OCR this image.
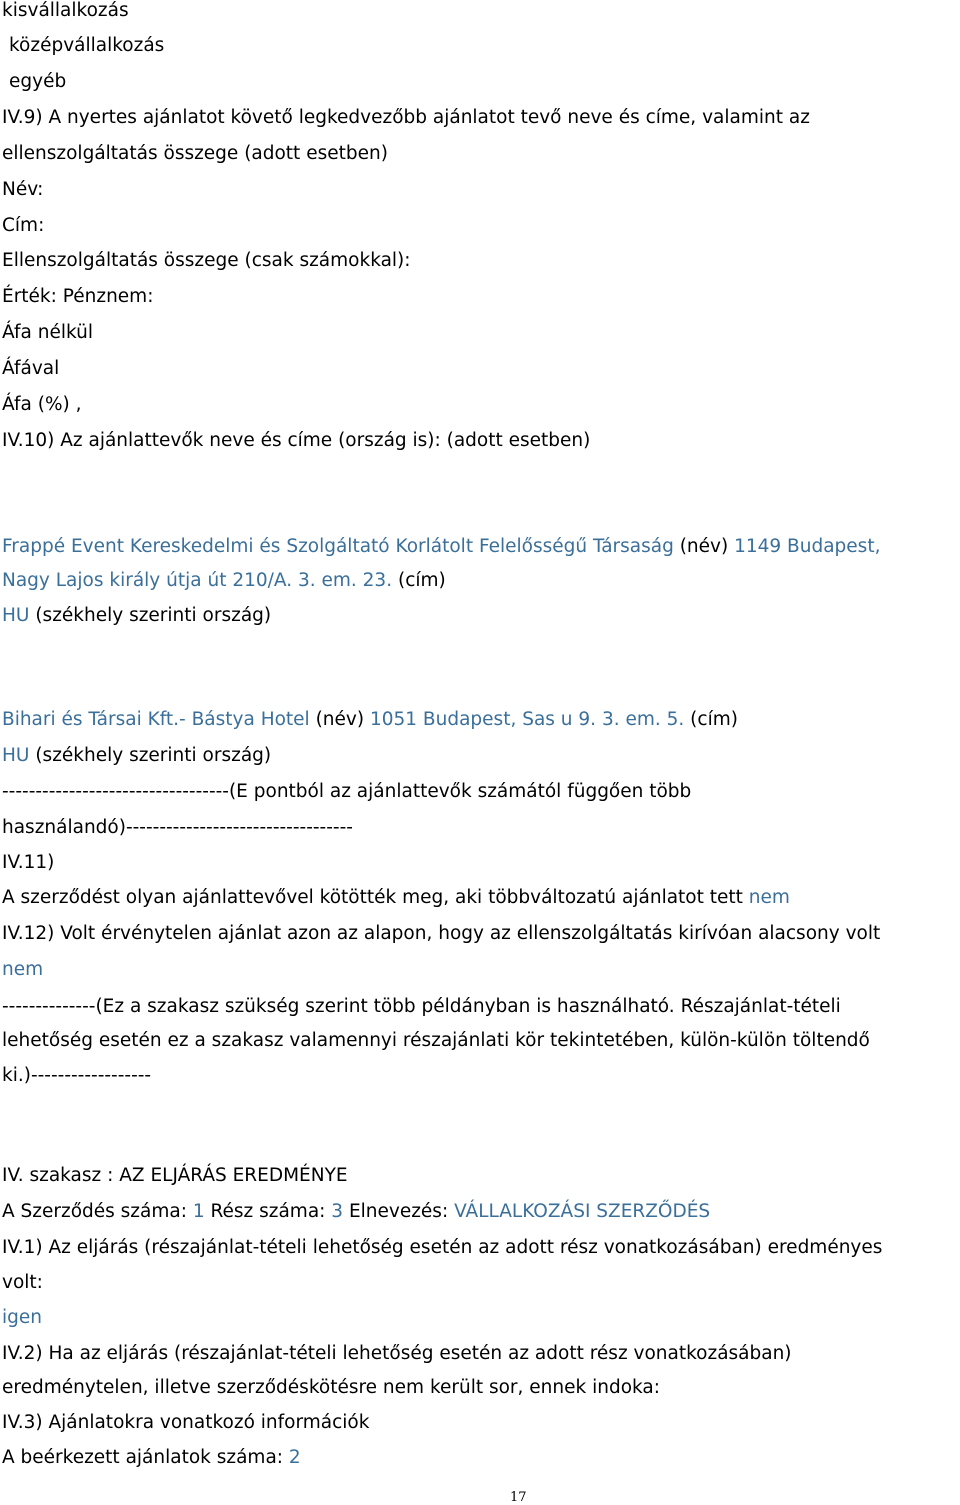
kisvállalkozás
középvállalkozás
egyéb
IV.9) A nyertes ajánlatot követő legkedvezőbb ajánlatot tevő neve és címe, valamint az
ellenszolgáltatás összege (adott esetben)
Név:
Cím:
Ellenszolgáltatás összege (csak számokkal):
Érték: Pénznem:
Áfa nélkül
Áfával
Áfa (%) ,
IV.10) Az ajánlattevők neve és címe (ország is): (adott esetben)
Frappé Event Kereskedelmi és Szolgáltató Korlátolt Felelősségű Társaság (név) 1149 Budapest,
Nagy Lajos király útja út 210/A. 3. em. 23. (cím)
HU (székhely szerinti ország)
Bihari és Társai Kft.- Bástya Hotel (név) 1051 Budapest, Sas u 9. 3. em. 5. (cím)
HU (székhely szerinti ország)
----------------------------------(E pontból az ajánlattevők számától függően több
használandó)----------------------------------
IV.11)
A szerződést olyan ajánlattevővel kötötték meg, aki többváltozatú ajánlatot tett nem
IV.12) Volt érvénytelen ajánlat azon az alapon, hogy az ellenszolgáltatás kirívóan alacsony volt
nem
--------------(Ez a szakasz szükség szerint több példányban is használható. Részajánlat-tételi
lehetőség esetén ez a szakasz valamennyi részajánlati kör tekintetében, külön-külön töltendő
ki.)------------------
IV. szakasz : AZ ELJÁRÁS EREDMÉNYE
A Szerződés száma: 1 Rész száma: 3 Elnevezés: VÁLLALKOZÁSI SZERZŐDÉS
IV.1) Az eljárás (részajánlat-tételi lehetőség esetén az adott rész vonatkozásában) eredményes
volt:
igen
IV.2) Ha az eljárás (részajánlat-tételi lehetőség esetén az adott rész vonatkozásában)
eredménytelen, illetve szerződéskötésre nem került sor, ennek indoka:
IV.3) Ajánlatokra vonatkozó információk
A beérkezett ajánlatok száma: 2
17
